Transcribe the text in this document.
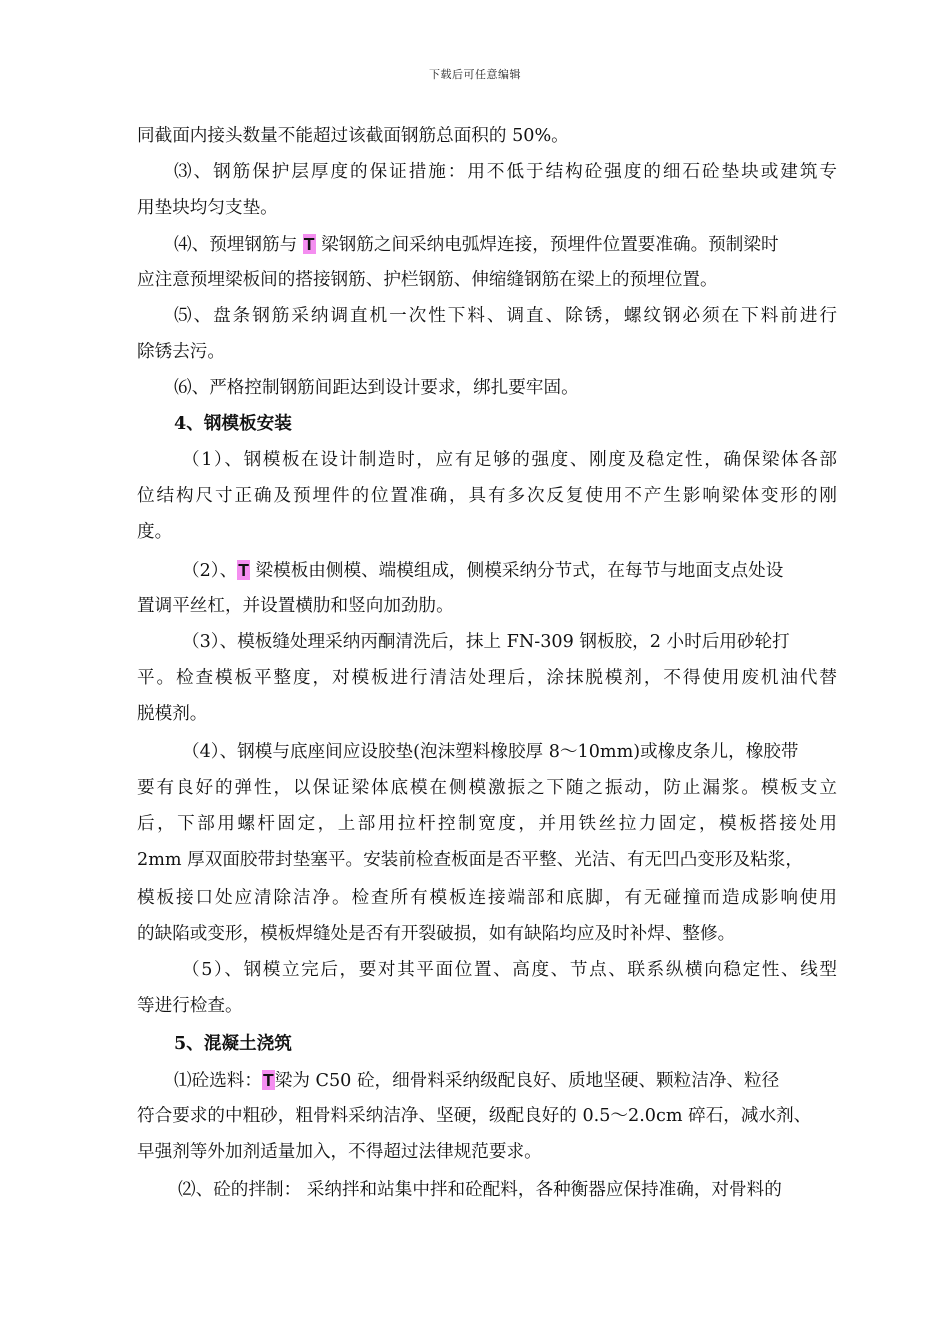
下载后可任意编辑
同截面内接头数量不能超过该截面钢筋总面积的 50%。
⑶、钢筋保护层厚度的保证措施：用不低于结构砼强度的细石砼垫块或建筑专
用垫块均匀支垫。
⑷、预埋钢筋与 T 梁钢筋之间采纳电弧焊连接，预埋件位置要准确。预制梁时
应注意预埋梁板间的搭接钢筋、护栏钢筋、伸缩缝钢筋在梁上的预埋位置。
⑸、盘条钢筋采纳调直机一次性下料、调直、除锈，螺纹钢必须在下料前进行
除锈去污。
⑹、严格控制钢筋间距达到设计要求，绑扎要牢固。
4、钢模板安装
（1）、钢模板在设计制造时，应有足够的强度、刚度及稳定性，确保梁体各部
位结构尺寸正确及预埋件的位置准确，具有多次反复使用不产生影响梁体变形的刚
度。
（2）、T 梁模板由侧模、端模组成，侧模采纳分节式，在每节与地面支点处设
置调平丝杠，并设置横肋和竖向加劲肋。
（3）、模板缝处理采纳丙酮清洗后，抹上 FN-309 钢板胶，2 小时后用砂轮打
平。检查模板平整度，对模板进行清洁处理后，涂抹脱模剂，不得使用废机油代替
脱模剂。
（4）、钢模与底座间应设胶垫(泡沫塑料橡胶厚 8～10mm)或橡皮条儿，橡胶带
要有良好的弹性，以保证梁体底模在侧模激振之下随之振动，防止漏浆。模板支立
后，下部用螺杆固定，上部用拉杆控制宽度，并用铁丝拉力固定，模板搭接处用
2mm 厚双面胶带封垫塞平。安装前检查板面是否平整、光洁、有无凹凸变形及粘浆，
模板接口处应清除洁净。检查所有模板连接端部和底脚，有无碰撞而造成影响使用
的缺陷或变形，模板焊缝处是否有开裂破损，如有缺陷均应及时补焊、整修。
（5）、钢模立完后，要对其平面位置、高度、节点、联系纵横向稳定性、线型
等进行检查。
5、混凝土浇筑
⑴砼选料：T梁为 C50 砼，细骨料采纳级配良好、质地坚硬、颗粒洁净、粒径
符合要求的中粗砂，粗骨料采纳洁净、坚硬，级配良好的 0.5～2.0cm 碎石，减水剂、
早强剂等外加剂适量加入，不得超过法律规范要求。
⑵、砼的拌制： 采纳拌和站集中拌和砼配料，各种衡器应保持准确，对骨料的
